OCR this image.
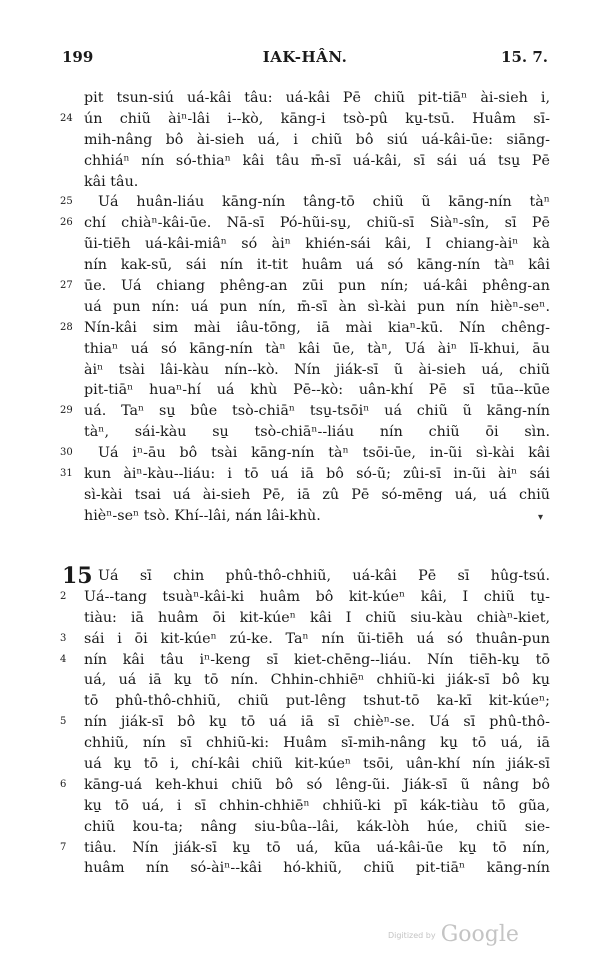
199	IAK-HÂN.	15. 7.
pit tsun-siú uá-kâi tâu: uá-kâi Pē chiũ pit-tiāⁿ ài-sieh i,
24 ún chiũ àiⁿ-lâi i--kò, kāng-i tsò-pû ku̱-tsū. Huâm sī-
mih-nâng bô ài-sieh uá, i chiũ bô siú uá-kâi-ūe: siāng-
chhiáⁿ nín só-thiaⁿ kâi tâu m̄-sī uá-kâi, sī sái uá tsu̱ Pē
kâi tâu.
25	Uá huân-liáu kāng-nín tâng-tō chiũ ũ kāng-nín tàⁿ
26 chí chiàⁿ-kâi-ūe. Nā-sī Pó-hũi-su̱, chiũ-sī Siàⁿ-sîn, sī Pē
ũi-tiēh uá-kâi-miâⁿ só àiⁿ khién-sái kâi, I chiang-àiⁿ kà
nín kak-sū, sái nín it-tit huâm uá só kāng-nín tàⁿ kâi
27 ūe. Uá chiang phêng-an zūi pun nín; uá-kâi phêng-an
uá pun nín: uá pun nín, m̄-sī àn sì-kài pun nín hièⁿ-seⁿ.
28 Nín-kâi sim mài iâu-tōng, iā mài kiaⁿ-kū. Nín chêng-
thiaⁿ uá só kāng-nín tàⁿ kâi ūe, tàⁿ, Uá àiⁿ lī-khui, āu
àiⁿ tsài lâi-kàu nín--kò. Nín jiák-sī ũ ài-sieh uá, chiũ
pit-tiāⁿ huaⁿ-hí uá khù Pē--kò: uân-khí Pē sī tūa--kūe
29 uá. Taⁿ su̱ bûe tsò-chiāⁿ tsu̱-tsōiⁿ uá chiũ ũ kāng-nín
tàⁿ, sái-kàu su̱ tsò-chiāⁿ--liáu nín chiũ ōi sìn.
30	Uá iⁿ-āu bô tsài kāng-nín tàⁿ tsōi-ūe, in-ũi sì-kài kâi
31 kun àiⁿ-kàu--liáu: i tō uá iā bô só-ũ; zûi-sī in-ũi àiⁿ sái
sì-kài tsai uá ài-sieh Pē, iā zû Pē só-mēng uá, uá chiũ
hièⁿ-seⁿ tsò. Khí--lâi, nán lâi-khù.	▾
15 Uá sī chin phû-thô-chhiũ, uá-kâi Pē sī hûg-tsú.
2	Uá--tang tsuàⁿ-kâi-ki huâm bô kit-kúeⁿ kâi, I chiũ tu̱-
tiàu: iā huâm ōi kit-kúeⁿ kâi I chiũ siu-kàu chiàⁿ-kiet,
3	sái i ōi kit-kúeⁿ zú-ke. Taⁿ nín ũi-tiēh uá só thuân-pun
4	nín kâi tâu iⁿ-keng sī kiet-chēng--liáu. Nín tiēh-ku̱ tō
uá, uá iā ku̱ tō nín. Chhin-chhiēⁿ chhiũ-ki jiák-sī bô ku̱
tō phû-thô-chhiũ, chiũ put-lêng tshut-tō ka-kī kit-kúeⁿ;
5	nín jiák-sī bô ku̱ tō uá iā sī chièⁿ-se. Uá sī phû-thô-
chhiũ, nín sī chhiũ-ki: Huâm sī-mih-nâng ku̱ tō uá, iā
uá ku̱ tō i, chí-kâi chiũ kit-kúeⁿ tsōi, uân-khí nín jiák-sī
6	kāng-uá keh-khui chiũ bô só lêng-ũi. Jiák-sī ũ nâng bô
ku̱ tō uá, i sī chhin-chhiēⁿ chhiũ-ki pī kák-tiàu tō gũa,
chiũ kou-ta; nâng siu-bûa--lâi, kák-lòh húe, chiũ sie-
7	tiâu. Nín jiák-sī ku̱ tō uá, kũa uá-kâi-ūe ku̱ tō nín,
huâm nín só-àiⁿ--kâi hó-khiũ, chiũ pit-tiāⁿ kāng-nín
Digitized by Google
